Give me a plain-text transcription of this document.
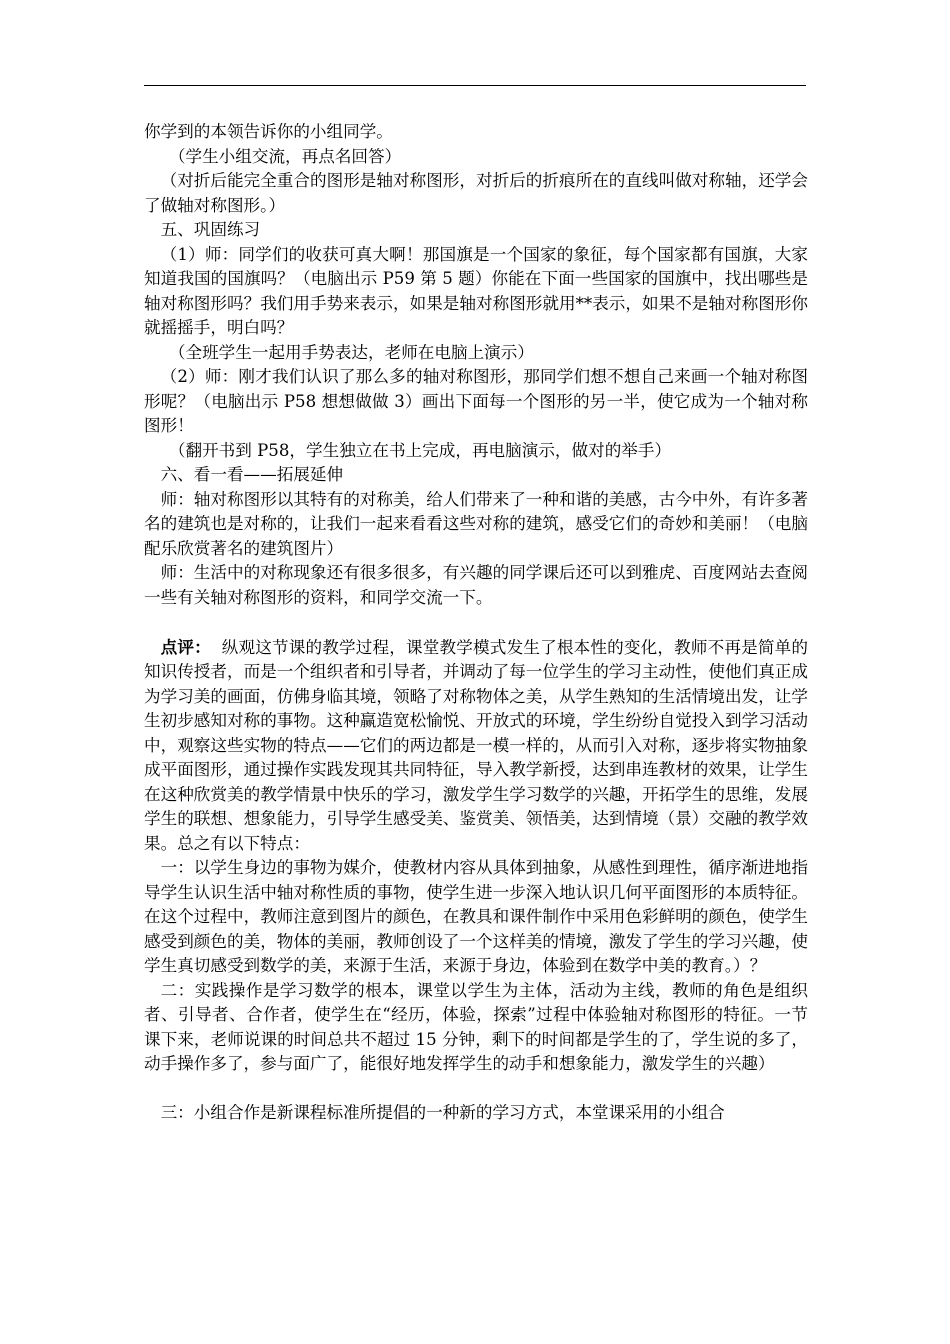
你学到的本领告诉你的小组同学。

（学生小组交流，再点名回答）

（对折后能完全重合的图形是轴对称图形，对折后的折痕所在的直线叫做对称轴，还学会了做轴对称图形。）

五、巩固练习

（1）师：同学们的收获可真大啊！那国旗是一个国家的象征，每个国家都有国旗，大家知道我国的国旗吗？（电脑出示 P59 第 5 题）你能在下面一些国家的国旗中，找出哪些是轴对称图形吗？我们用手势来表示，如果是轴对称图形就用**表示，如果不是轴对称图形你就摇摇手，明白吗？

（全班学生一起用手势表达，老师在电脑上演示）

（2）师：刚才我们认识了那么多的轴对称图形，那同学们想不想自己来画一个轴对称图形呢？（电脑出示 P58 想想做做 3）画出下面每一个图形的另一半，使它成为一个轴对称图形！

（翻开书到 P58，学生独立在书上完成，再电脑演示，做对的举手）

六、看一看——拓展延伸

师：轴对称图形以其特有的对称美，给人们带来了一种和谐的美感，古今中外，有许多著名的建筑也是对称的，让我们一起来看看这些对称的建筑，感受它们的奇妙和美丽！（电脑配乐欣赏著名的建筑图片）

师：生活中的对称现象还有很多很多，有兴趣的同学课后还可以到雅虎、百度网站去查阅一些有关轴对称图形的资料，和同学交流一下。

点评： 纵观这节课的教学过程，课堂教学模式发生了根本性的变化，教师不再是简单的知识传授者，而是一个组织者和引导者，并调动了每一位学生的学习主动性，使他们真正成为学习美的画面，仿佛身临其境，领略了对称物体之美，从学生熟知的生活情境出发，让学生初步感知对称的事物。这种赢造宽松愉悦、开放式的环境，学生纷纷自觉投入到学习活动中，观察这些实物的特点——它们的两边都是一模一样的，从而引入对称，逐步将实物抽象成平面图形，通过操作实践发现其共同特征，导入教学新授，达到串连教材的效果，让学生在这种欣赏美的教学情景中快乐的学习，激发学生学习数学的兴趣，开拓学生的思维，发展学生的联想、想象能力，引导学生感受美、鉴赏美、领悟美，达到情境（景）交融的教学效果。总之有以下特点：

一：以学生身边的事物为媒介，使教材内容从具体到抽象，从感性到理性，循序渐进地指导学生认识生活中轴对称性质的事物，使学生进一步深入地认识几何平面图形的本质特征。在这个过程中，教师注意到图片的颜色，在教具和课件制作中采用色彩鲜明的颜色，使学生感受到颜色的美，物体的美丽，教师创设了一个这样美的情境，激发了学生的学习兴趣，使学生真切感受到数学的美，来源于生活，来源于身边，体验到在数学中美的教育。）？

二：实践操作是学习数学的根本，课堂以学生为主体，活动为主线，教师的角色是组织者、引导者、合作者，使学生在“经历，体验，探索”过程中体验轴对称图形的特征。一节课下来，老师说课的时间总共不超过 15 分钟，剩下的时间都是学生的了，学生说的多了，动手操作多了，参与面广了，能很好地发挥学生的动手和想象能力，激发学生的兴趣）

三：小组合作是新课程标准所提倡的一种新的学习方式，本堂课采用的小组合
